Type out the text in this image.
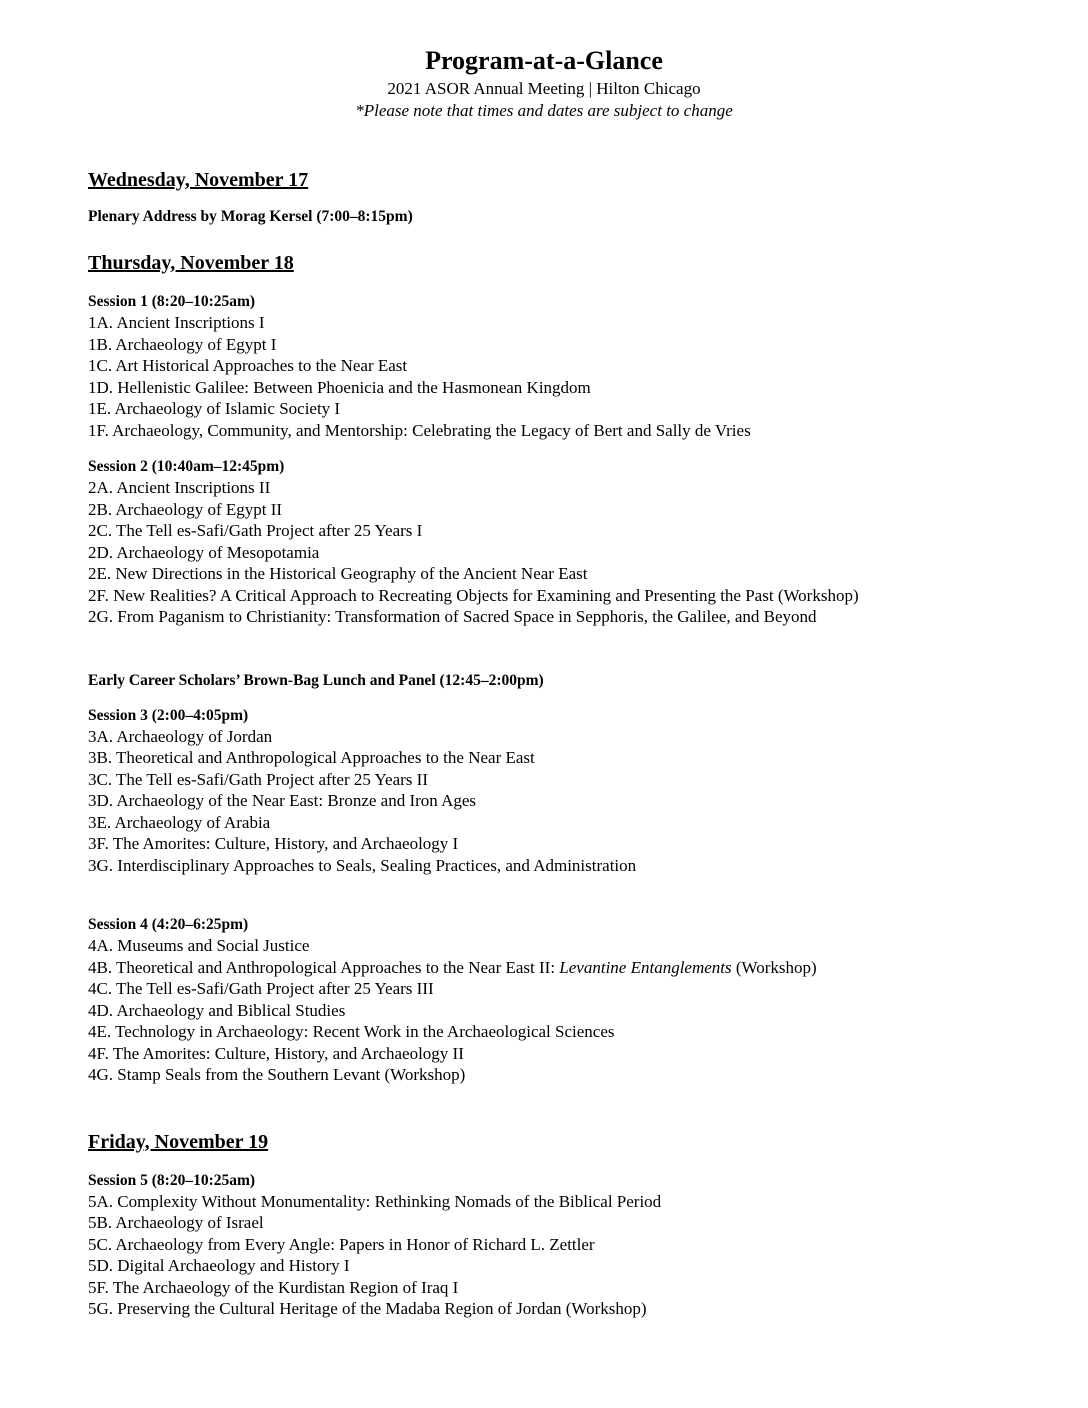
Program-at-a-Glance
2021 ASOR Annual Meeting | Hilton Chicago
*Please note that times and dates are subject to change
Wednesday, November 17
Plenary Address by Morag Kersel (7:00–8:15pm)
Thursday, November 18
Session 1 (8:20–10:25am)
1A. Ancient Inscriptions I
1B. Archaeology of Egypt I
1C. Art Historical Approaches to the Near East
1D. Hellenistic Galilee: Between Phoenicia and the Hasmonean Kingdom
1E. Archaeology of Islamic Society I
1F. Archaeology, Community, and Mentorship: Celebrating the Legacy of Bert and Sally de Vries
Session 2 (10:40am–12:45pm)
2A. Ancient Inscriptions II
2B. Archaeology of Egypt II
2C. The Tell es-Safi/Gath Project after 25 Years I
2D. Archaeology of Mesopotamia
2E. New Directions in the Historical Geography of the Ancient Near East
2F. New Realities? A Critical Approach to Recreating Objects for Examining and Presenting the Past (Workshop)
2G. From Paganism to Christianity: Transformation of Sacred Space in Sepphoris, the Galilee, and Beyond
Early Career Scholars’ Brown-Bag Lunch and Panel (12:45–2:00pm)
Session 3 (2:00–4:05pm)
3A. Archaeology of Jordan
3B. Theoretical and Anthropological Approaches to the Near East
3C. The Tell es-Safi/Gath Project after 25 Years II
3D. Archaeology of the Near East: Bronze and Iron Ages
3E. Archaeology of Arabia
3F. The Amorites: Culture, History, and Archaeology I
3G. Interdisciplinary Approaches to Seals, Sealing Practices, and Administration
Session 4 (4:20–6:25pm)
4A. Museums and Social Justice
4B. Theoretical and Anthropological Approaches to the Near East II: Levantine Entanglements (Workshop)
4C. The Tell es-Safi/Gath Project after 25 Years III
4D. Archaeology and Biblical Studies
4E. Technology in Archaeology: Recent Work in the Archaeological Sciences
4F. The Amorites: Culture, History, and Archaeology II
4G. Stamp Seals from the Southern Levant (Workshop)
Friday, November 19
Session 5 (8:20–10:25am)
5A. Complexity Without Monumentality: Rethinking Nomads of the Biblical Period
5B. Archaeology of Israel
5C. Archaeology from Every Angle: Papers in Honor of Richard L. Zettler
5D. Digital Archaeology and History I
5F. The Archaeology of the Kurdistan Region of Iraq I
5G. Preserving the Cultural Heritage of the Madaba Region of Jordan (Workshop)
